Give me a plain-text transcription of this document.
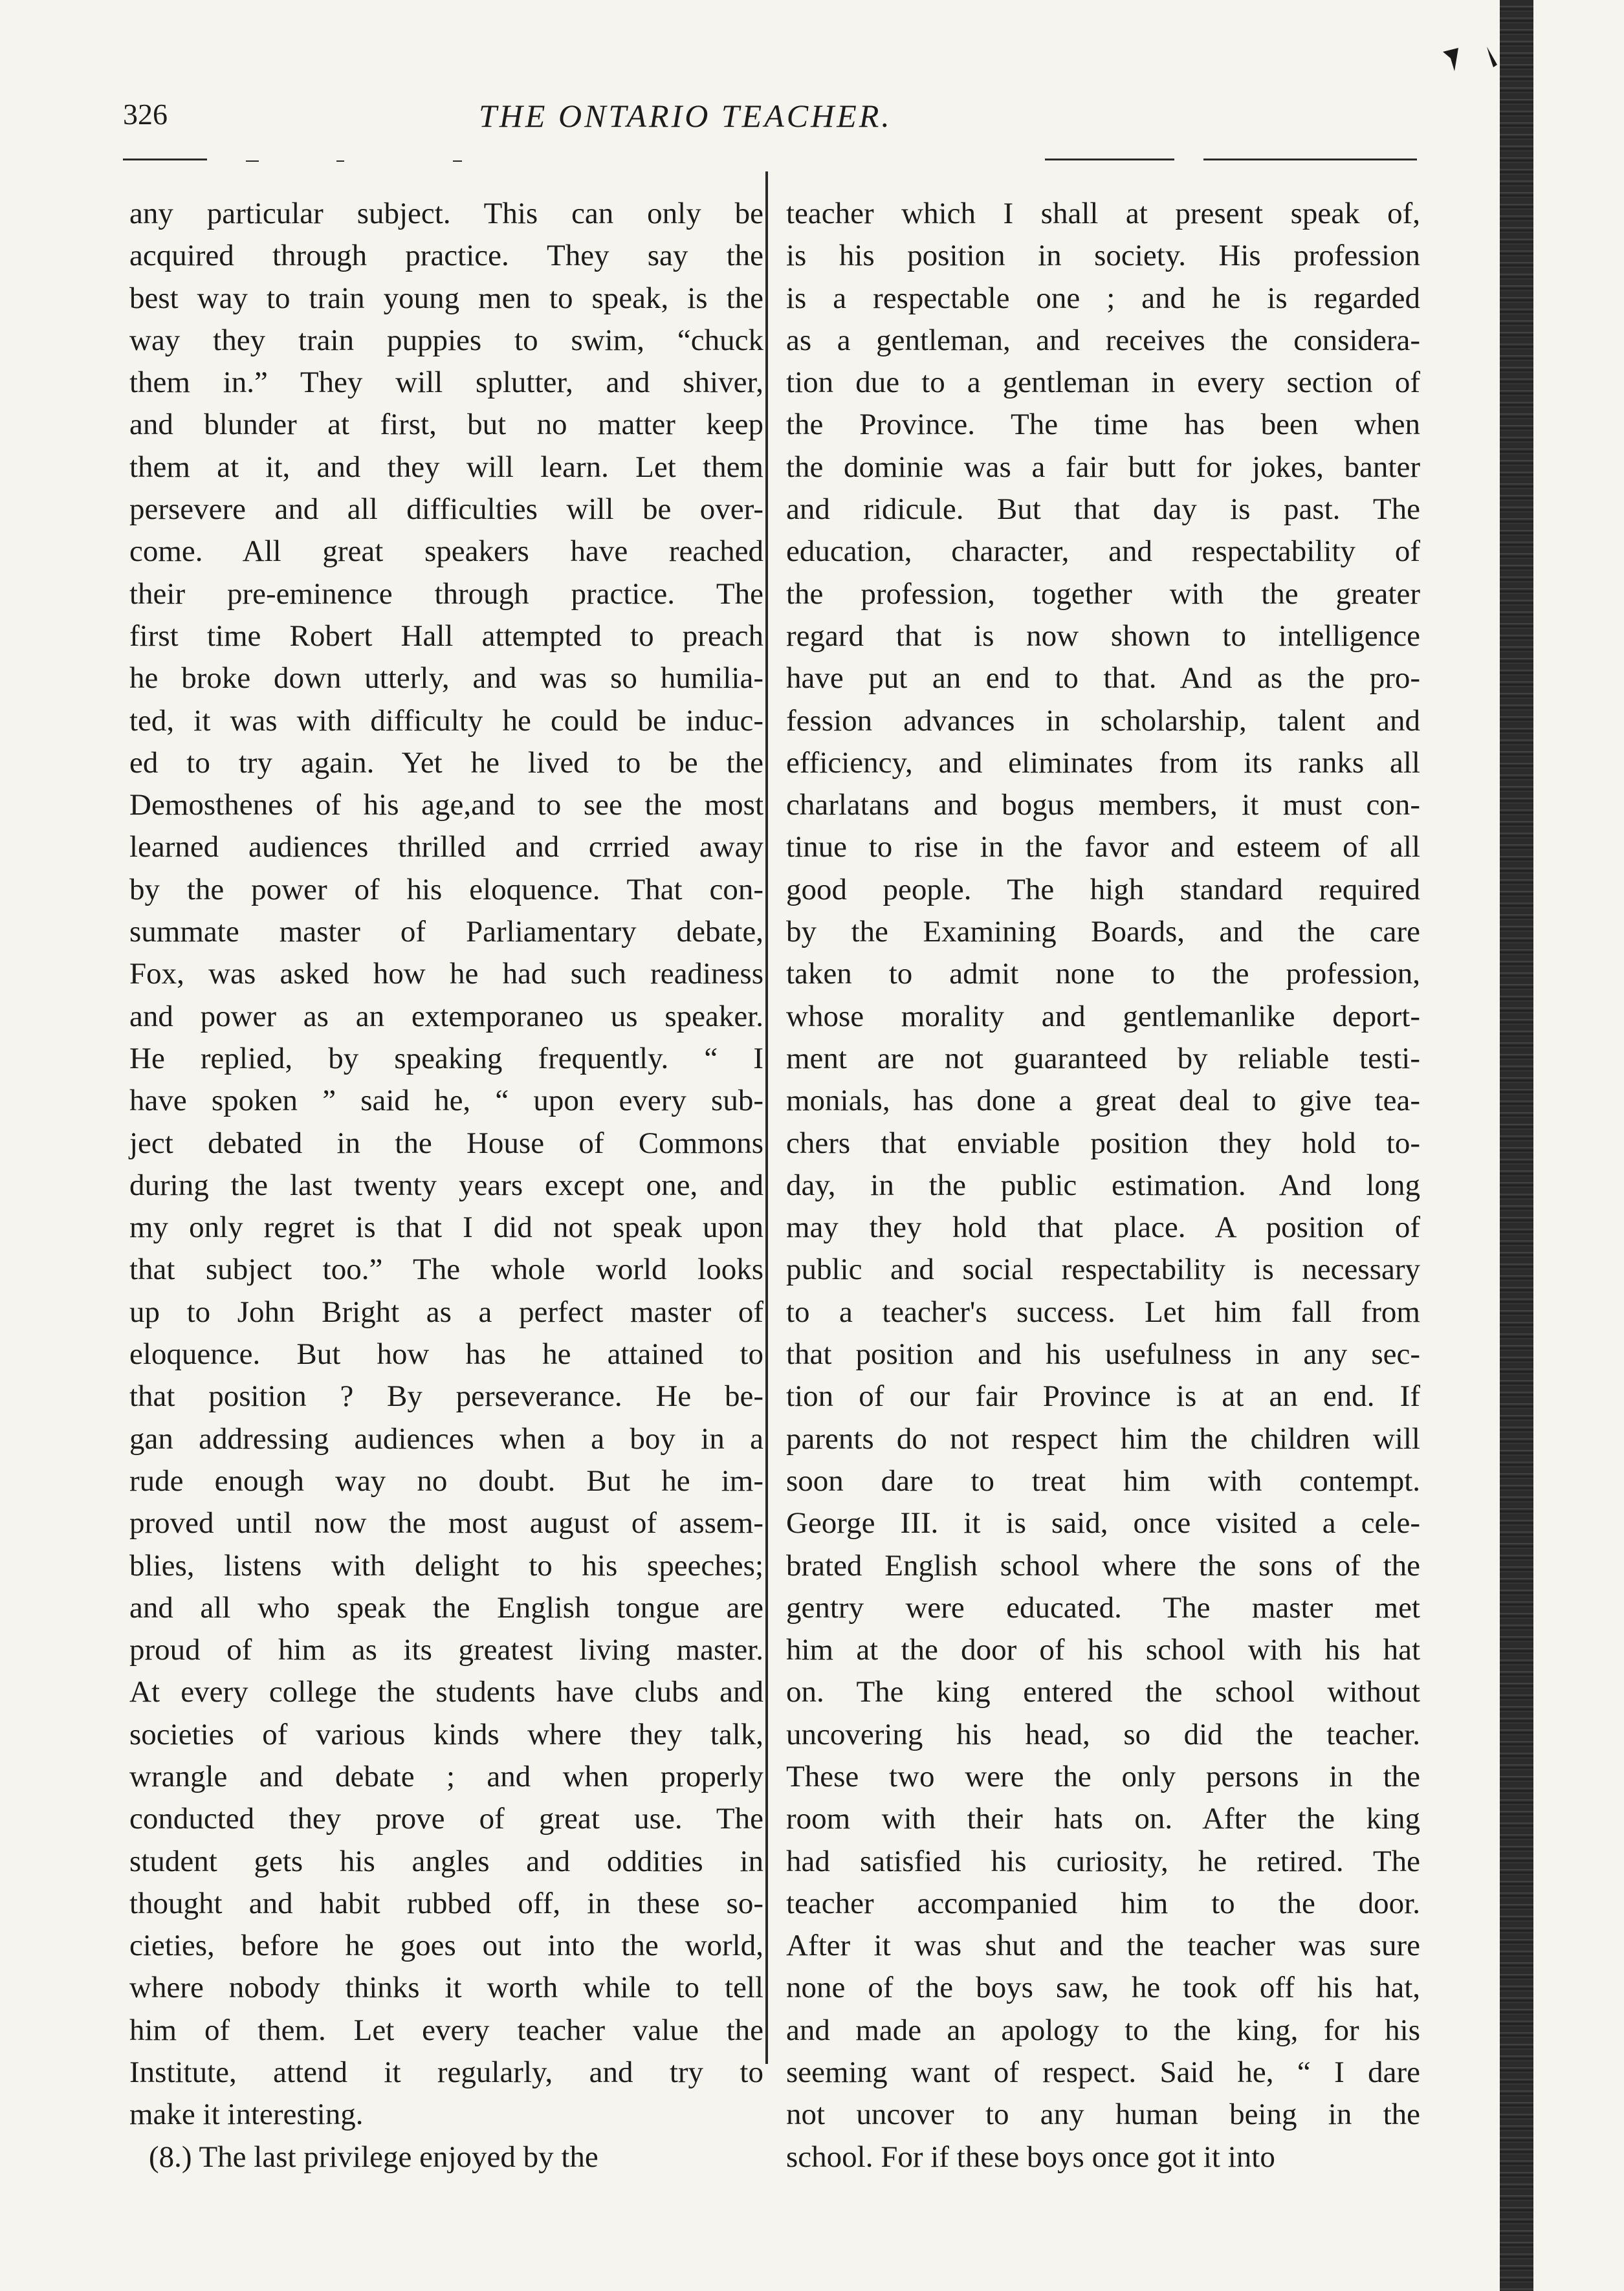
326	THE ONTARIO TEACHER.
any particular subject. This can only be
acquired through practice. They say the
best way to train young men to speak, is the
way they train puppies to swim, “chuck
them in.” They will splutter, and shiver,
and blunder at first, but no matter keep
them at it, and they will learn. Let them
persevere and all difficulties will be over-
come. All great speakers have reached
their pre-eminence through practice. The
first time Robert Hall attempted to preach
he broke down utterly, and was so humilia-
ted, it was with difficulty he could be induc-
ed to try again. Yet he lived to be the
Demosthenes of his age,and to see the most
learned audiences thrilled and crrried away
by the power of his eloquence. That con-
summate master of Parliamentary debate,
Fox, was asked how he had such readiness
and power as an extemporaneo us speaker.
He replied, by speaking frequently. “ I
have spoken ” said he, “ upon every sub-
ject debated in the House of Commons
during the last twenty years except one, and
my only regret is that I did not speak upon
that subject too.” The whole world looks
up to John Bright as a perfect master of
eloquence. But how has he attained to
that position ? By perseverance. He be-
gan addressing audiences when a boy in a
rude enough way no doubt. But he im-
proved until now the most august of assem-
blies, listens with delight to his speeches;
and all who speak the English tongue are
proud of him as its greatest living master.
At every college the students have clubs and
societies of various kinds where they talk,
wrangle and debate ; and when properly
conducted they prove of great use. The
student gets his angles and oddities in
thought and habit rubbed off, in these so-
cieties, before he goes out into the world,
where nobody thinks it worth while to tell
him of them. Let every teacher value the
Institute, attend it regularly, and try to
make it interesting.
(8.) The last privilege enjoyed by the
teacher which I shall at present speak of,
is his position in society. His profession
is a respectable one ; and he is regarded
as a gentleman, and receives the considera-
tion due to a gentleman in every section of
the Province. The time has been when
the dominie was a fair butt for jokes, banter
and ridicule. But that day is past. The
education, character, and respectability of
the profession, together with the greater
regard that is now shown to intelligence
have put an end to that. And as the pro-
fession advances in scholarship, talent and
efficiency, and eliminates from its ranks all
charlatans and bogus members, it must con-
tinue to rise in the favor and esteem of all
good people. The high standard required
by the Examining Boards, and the care
taken to admit none to the profession,
whose morality and gentlemanlike deport-
ment are not guaranteed by reliable testi-
monials, has done a great deal to give tea-
chers that enviable position they hold to-
day, in the public estimation. And long
may they hold that place. A position of
public and social respectability is necessary
to a teacher's success. Let him fall from
that position and his usefulness in any sec-
tion of our fair Province is at an end. If
parents do not respect him the children will
soon dare to treat him with contempt.
George III. it is said, once visited a cele-
brated English school where the sons of the
gentry were educated. The master met
him at the door of his school with his hat
on. The king entered the school without
uncovering his head, so did the teacher.
These two were the only persons in the
room with their hats on. After the king
had satisfied his curiosity, he retired. The
teacher accompanied him to the door.
After it was shut and the teacher was sure
none of the boys saw, he took off his hat,
and made an apology to the king, for his
seeming want of respect. Said he, “ I dare
not uncover to any human being in the
school. For if these boys once got it into
